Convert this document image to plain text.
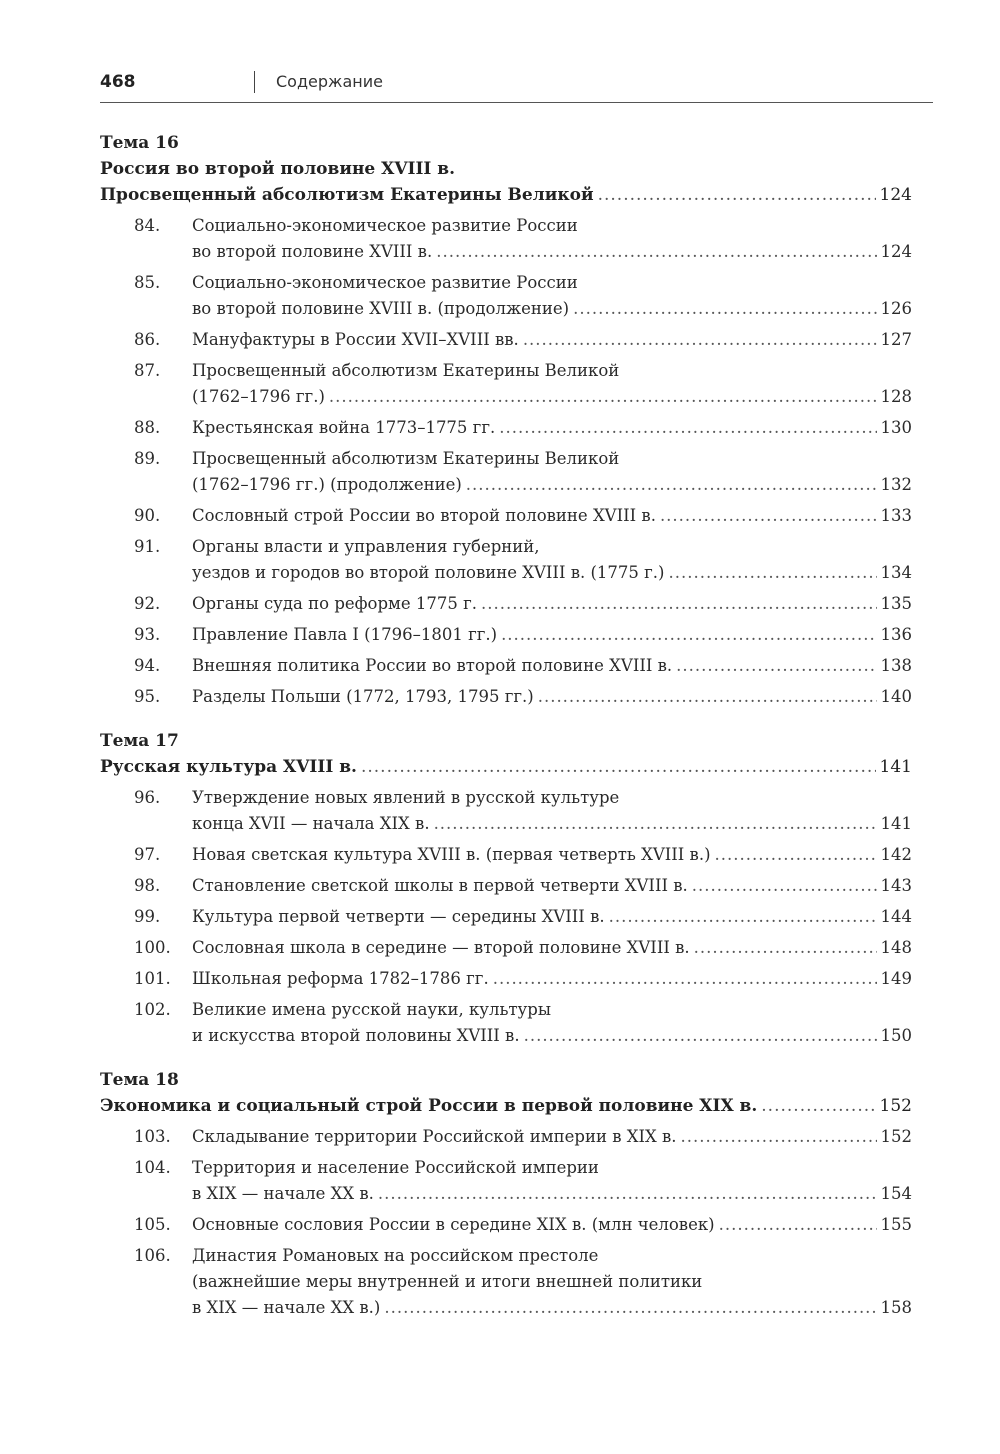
468	Содержание
Тема 16
Россия во второй половине XVIII в.
Просвещенный абсолютизм Екатерины Великой .....	124
84. Социально-экономическое развитие России
во второй половине XVIII в. .....	124
85. Социально-экономическое развитие России
во второй половине XVIII в. (продолжение) .....	126
86. Мануфактуры в России XVII–XVIII вв. .....	127
87. Просвещенный абсолютизм Екатерины Великой
(1762–1796 гг.) .....	128
88. Крестьянская война 1773–1775 гг. .....	130
89. Просвещенный абсолютизм Екатерины Великой
(1762–1796 гг.) (продолжение) .....	132
90. Сословный строй России во второй половине XVIII в. .....	133
91. Органы власти и управления губерний,
уездов и городов во второй половине XVIII в. (1775 г.) .....	134
92. Органы суда по реформе 1775 г. .....	135
93. Правление Павла I (1796–1801 гг.) .....	136
94. Внешняя политика России во второй половине XVIII в. .....	138
95. Разделы Польши (1772, 1793, 1795 гг.) .....	140
Тема 17
Русская культура XVIII в. .....	141
96. Утверждение новых явлений в русской культуре
конца XVII — начала XIX в. .....	141
97. Новая светская культура XVIII в. (первая четверть XVIII в.) .....	142
98. Становление светской школы в первой четверти XVIII в. .....	143
99. Культура первой четверти — середины XVIII в. .....	144
100. Сословная школа в середине — второй половине XVIII в. .....	148
101. Школьная реформа 1782–1786 гг. .....	149
102. Великие имена русской науки, культуры
и искусства второй половины XVIII в. .....	150
Тема 18
Экономика и социальный строй России в первой половине XIX в. .....	152
103. Складывание территории Российской империи в XIX в. .....	152
104. Территория и население Российской империи
в XIX — начале XX в. .....	154
105. Основные сословия России в середине XIX в. (млн человек) .....	155
106. Династия Романовых на российском престоле
(важнейшие меры внутренней и итоги внешней политики
в XIX — начале XX в.) .....	158
